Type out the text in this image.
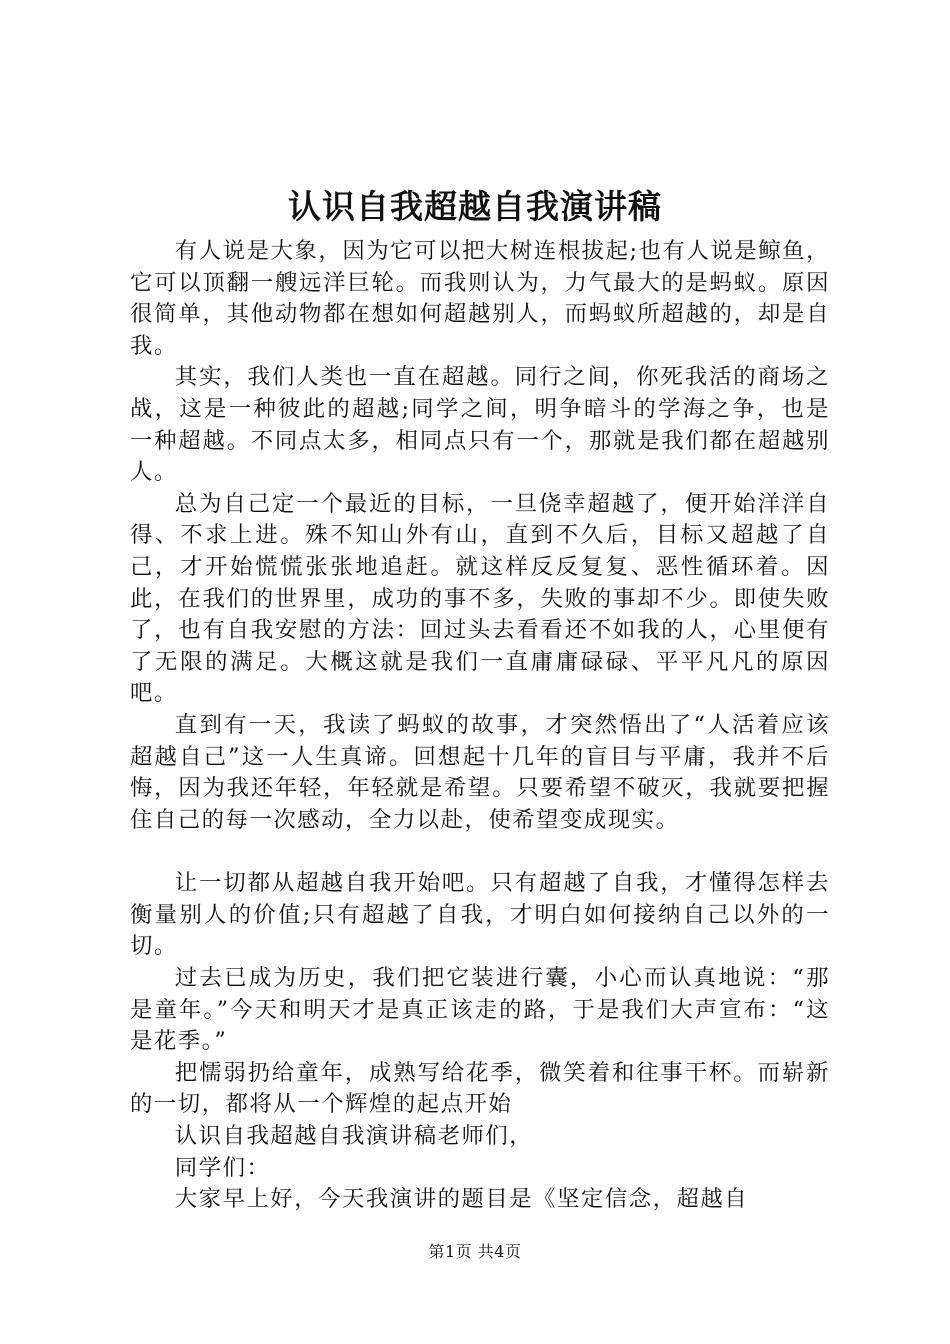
认识自我超越自我演讲稿

有人说是大象，因为它可以把大树连根拔起;也有人说是鲸鱼，它可以顶翻一艘远洋巨轮。而我则认为，力气最大的是蚂蚁。原因很简单，其他动物都在想如何超越别人，而蚂蚁所超越的，却是自我。

其实，我们人类也一直在超越。同行之间，你死我活的商场之战，这是一种彼此的超越;同学之间，明争暗斗的学海之争，也是一种超越。不同点太多，相同点只有一个，那就是我们都在超越别人。

总为自己定一个最近的目标，一旦侥幸超越了，便开始洋洋自得、不求上进。殊不知山外有山，直到不久后，目标又超越了自己，才开始慌慌张张地追赶。就这样反反复复、恶性循环着。因此，在我们的世界里，成功的事不多，失败的事却不少。即使失败了，也有自我安慰的方法：回过头去看看还不如我的人，心里便有了无限的满足。大概这就是我们一直庸庸碌碌、平平凡凡的原因吧。

直到有一天，我读了蚂蚁的故事，才突然悟出了“人活着应该超越自己”这一人生真谛。回想起十几年的盲目与平庸，我并不后悔，因为我还年轻，年轻就是希望。只要希望不破灭，我就要把握住自己的每一次感动，全力以赴，使希望变成现实。

让一切都从超越自我开始吧。只有超越了自我，才懂得怎样去衡量别人的价值;只有超越了自我，才明白如何接纳自己以外的一切。

过去已成为历史，我们把它装进行囊，小心而认真地说：“那是童年。”今天和明天才是真正该走的路，于是我们大声宣布：“这是花季。”

把懦弱扔给童年，成熟写给花季，微笑着和往事干杯。而崭新的一切，都将从一个辉煌的起点开始

认识自我超越自我演讲稿老师们，

同学们：

大家早上好，今天我演讲的题目是《坚定信念，超越自

第1页 共4页
